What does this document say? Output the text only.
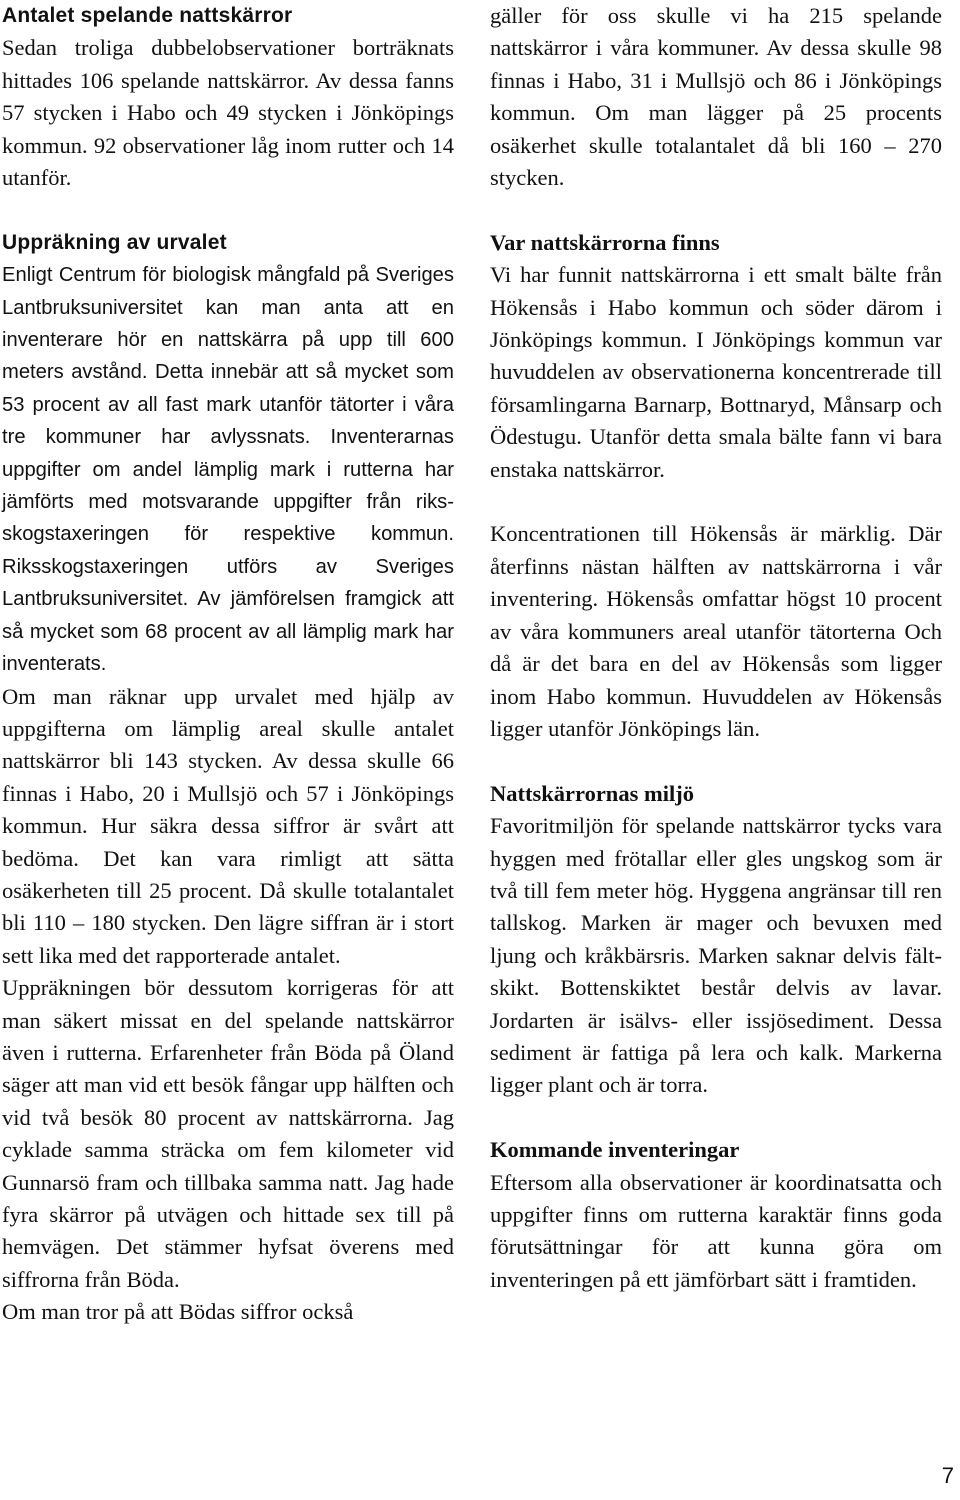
Antalet spelande nattskärror

Sedan troliga dubbelobservationer borträknats hittades 106 spelande nattskärror. Av dessa fanns 57 stycken i Habo och 49 stycken i Jönköpings kommun. 92 observationer låg inom rutter och 14 utanför.

Uppräkning av urvalet

Enligt Centrum för biologisk mångfald på Sveriges Lantbruksuniversitet kan man anta att en inventerare hör en nattskärra på upp till 600 meters avstånd. Detta innebär att så mycket som 53 procent av all fast mark utanför tätorter i våra tre kommuner har avlyssnats. Inventerarnas uppgifter om andel lämplig mark i rutterna har jämförts med motsvarande uppgifter från riksskogstaxeringen för respektive kommun. Riksskogstaxeringen utförs av Sveriges Lantbruksuniversitet. Av jämförelsen framgick att så mycket som 68 procent av all lämplig mark har inventerats.

Om man räknar upp urvalet med hjälp av uppgifterna om lämplig areal skulle antalet nattskärror bli 143 stycken. Av dessa skulle 66 finnas i Habo, 20 i Mullsjö och 57 i Jönköpings kommun. Hur säkra dessa siffror är svårt att bedöma. Det kan vara rimligt att sätta osäkerheten till 25 procent. Då skulle totalantalet bli 110 – 180 stycken. Den lägre siffran är i stort sett lika med det rapporterade antalet.

Uppräkningen bör dessutom korrigeras för att man säkert missat en del spelande nattskärror även i rutterna. Erfarenheter från Böda på Öland säger att man vid ett besök fångar upp hälften och vid två besök 80 procent av nattskärrorna. Jag cyklade samma sträcka om fem kilometer vid Gunnarsö fram och tillbaka samma natt. Jag hade fyra skärror på utvägen och hittade sex till på hemvägen. Det stämmer hyfsat överens med siffrorna från Böda.

Om man tror på att Bödas siffror också

gäller för oss skulle vi ha 215 spelande nattskärror i våra kommuner. Av dessa skulle 98 finnas i Habo, 31 i Mullsjö och 86 i Jönköpings kommun. Om man lägger på 25 procents osäkerhet skulle totalantalet då bli 160 – 270 stycken.

Var nattskärrorna finns

Vi har funnit nattskärrorna i ett smalt bälte från Hökensås i Habo kommun och söder därom i Jönköpings kommun. I Jönköpings kommun var huvuddelen av observationerna koncentrerade till församlingarna Barnarp, Bottnaryd, Månsarp och Ödestugu. Utanför detta smala bälte fann vi bara enstaka nattskärror.

Koncentrationen till Hökensås är märklig. Där återfinns nästan hälften av nattskärrorna i vår inventering. Hökensås omfattar högst 10 procent av våra kommuners areal utanför tätorterna Och då är det bara en del av Hökensås som ligger inom Habo kommun. Huvuddelen av Hökensås ligger utanför Jönköpings län.

Nattskärrornas miljö

Favoritmiljön för spelande nattskärror tycks vara hyggen med frötallar eller gles ungskog som är två till fem meter hög. Hyggena angränsar till ren tallskog. Marken är mager och bevuxen med ljung och kråkbärsris. Marken saknar delvis fältskikt. Bottenskiktet består delvis av lavar. Jordarten är isälvs- eller issjösediment. Dessa sediment är fattiga på lera och kalk. Markerna ligger plant och är torra.

Kommande inventeringar

Eftersom alla observationer är koordinatsatta och uppgifter finns om rutterna karaktär finns goda förutsättningar för att kunna göra om inventeringen på ett jämförbart sätt i framtiden.

7
